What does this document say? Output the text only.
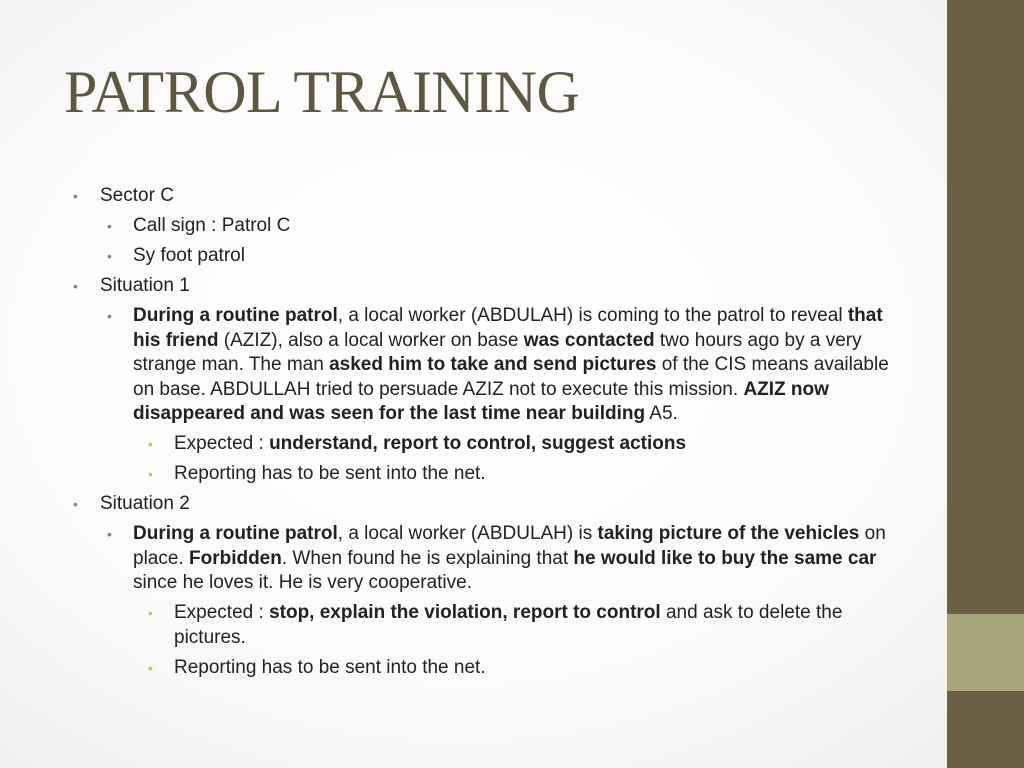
PATROL TRAINING
• Sector C
• Call sign : Patrol C
• Sy foot patrol
• Situation 1
• During a routine patrol, a local worker (ABDULAH) is coming to the patrol to reveal that his friend (AZIZ), also a local worker on base was contacted two hours ago by a very strange man. The man asked him to take and send pictures of the CIS means available on base. ABDULLAH tried to persuade AZIZ not to execute this mission. AZIZ now disappeared and was seen for the last time near building A5.
• Expected : understand, report to control, suggest actions
• Reporting has to be sent into the net.
• Situation 2
• During a routine patrol, a local worker (ABDULAH) is taking picture of the vehicles on place. Forbidden. When found he is explaining that he would like to buy the same car since he loves it. He is very cooperative.
• Expected : stop, explain the violation, report to control and ask to delete the pictures.
• Reporting has to be sent into the net.
